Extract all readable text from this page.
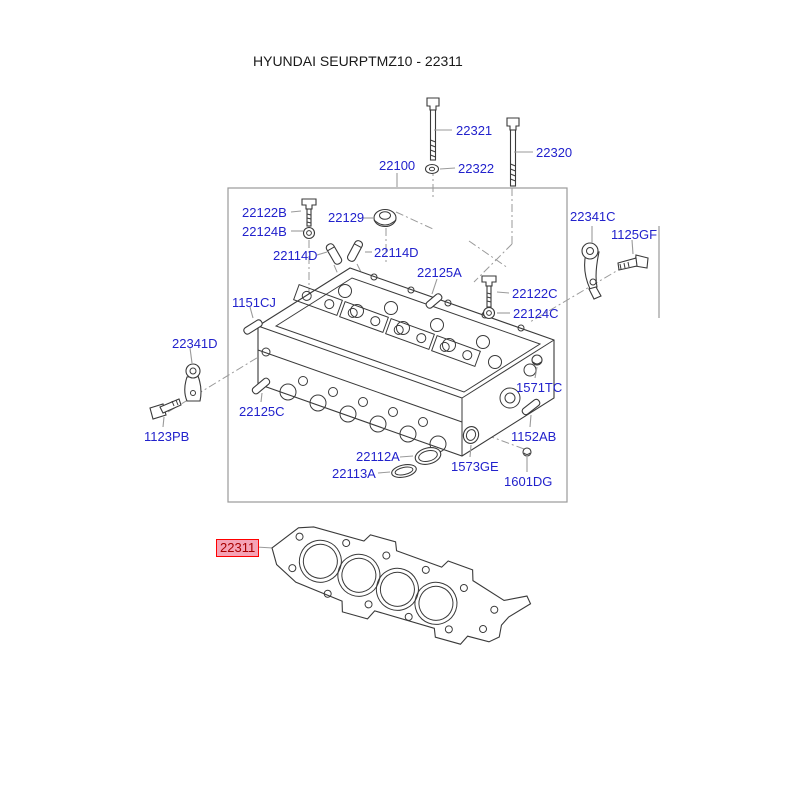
HYUNDAI SEURPTMZ10 - 22311
22321
22320
22100	22322
22122B
22124B
22129
22114D	22114D
22125A
22341C
1125GF
22122C
22124C
1151CJ
22341D
1571TC
22125C
1123PB	1152AB
22112A
1573GE
22113A
1601DG
22311
